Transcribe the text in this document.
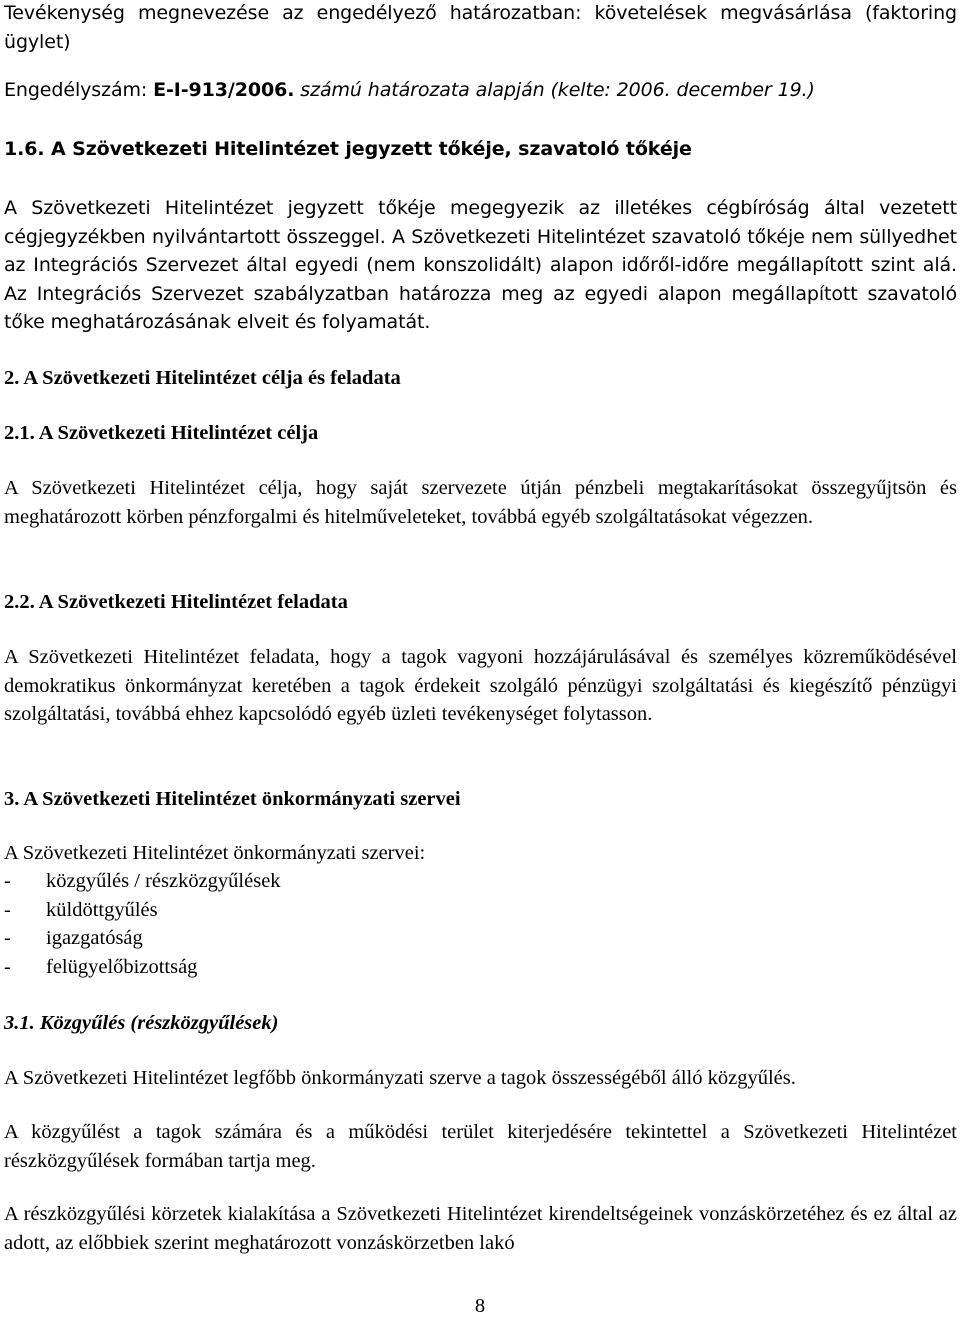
Tevékenység megnevezése az engedélyező határozatban: követelések megvásárlása (faktoring ügylet)

Engedélyszám: E-I-913/2006. számú határozata alapján (kelte: 2006. december 19.)

1.6. A Szövetkezeti Hitelintézet jegyzett tőkéje, szavatoló tőkéje

A Szövetkezeti Hitelintézet jegyzett tőkéje megegyezik az illetékes cégbíróság által vezetett cégjegyzékben nyilvántartott összeggel. A Szövetkezeti Hitelintézet szavatoló tőkéje nem süllyedhet az Integrációs Szervezet által egyedi (nem konszolidált) alapon időről-időre megállapított szint alá. Az Integrációs Szervezet szabályzatban határozza meg az egyedi alapon megállapított szavatoló tőke meghatározásának elveit és folyamatát.

2. A Szövetkezeti Hitelintézet célja és feladata
2.1. A Szövetkezeti Hitelintézet célja

A Szövetkezeti Hitelintézet célja, hogy saját szervezete útján pénzbeli megtakarításokat összegyűjtsön és meghatározott körben pénzforgalmi és hitelműveleteket, továbbá egyéb szolgáltatásokat végezzen.

2.2. A Szövetkezeti Hitelintézet feladata

A Szövetkezeti Hitelintézet feladata, hogy a tagok vagyoni hozzájárulásával és személyes közreműködésével demokratikus önkormányzat keretében a tagok érdekeit szolgáló pénzügyi szolgáltatási és kiegészítő pénzügyi szolgáltatási, továbbá ehhez kapcsolódó egyéb üzleti tevékenységet folytasson.

3. A Szövetkezeti Hitelintézet önkormányzati szervei

A Szövetkezeti Hitelintézet önkormányzati szervei:

- közgyűlés / részközgyűlések
- küldöttgyűlés
- igazgatóság
- felügyelőbizottság
3.1. Közgyűlés (részközgyűlések)

A Szövetkezeti Hitelintézet legfőbb önkormányzati szerve a tagok összességéből álló közgyűlés.

A közgyűlést a tagok számára és a működési terület kiterjedésére tekintettel a Szövetkezeti Hitelintézet részközgyűlések formában tartja meg.

A részközgyűlési körzetek kialakítása a Szövetkezeti Hitelintézet kirendeltségeinek vonzáskörzetéhez és ez által az adott, az előbbiek szerint meghatározott vonzáskörzetben lakó

8
